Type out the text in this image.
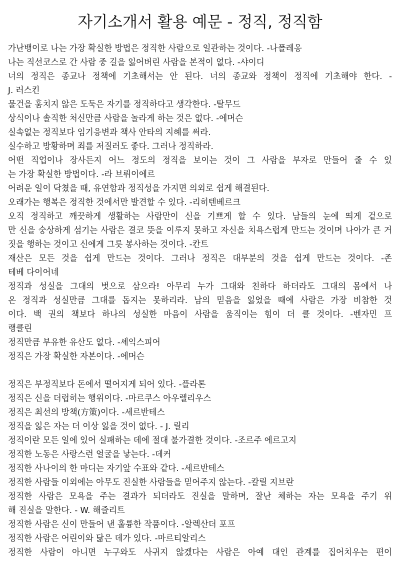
자기소개서 활용 예문 - 정직, 정직함
가난뱅이로 나는 가장 확실한 방법은 정직한 사람으로 일관하는 것이다. -나폴레옹
나는 직선코스로 간 사람 중 길을 잃어버린 사람을 본적이 없다. -샤이디
너의 정직은 종교나 정책에 기초해서는 안 된다. 너의 종교와 정책이 정직에 기초해야 한다. -
J. 러스킨
물건을 훔치지 않은 도둑은 자기를 정직하다고 생각한다. -탈무드
상식이나 솔직한 처신만큼 사람을 놀라게 하는 것은 없다. -에머슨
실속없는 정직보다 임기응변과 책사 안타의 지혜를 써라.
실수하고 방황하며 죄를 저질러도 좋다. 그러나 정직하라.
어떤 직업이나 장사든지 어느 정도의 정직을 보이는 것이 그 사람을 부자로 만들어 줄 수 있
는 가장 확실한 방법이다. -라 브뤼이에르
어려운 일이 닥쳤을 때, 유연함과 정직성을 가지면 의외로 쉽게 해결된다.
오래가는 행복은 정직한 것에서만 발견할 수 있다. -리히텐베르크
오직 정직하고 깨끗하게 생활하는 사람만이 신을 기쁘게 할 수 있다. 남들의 눈에 띄게 겉으로
만 신을 숭상하게 섬기는 사람은 결코 뜻을 이루지 못하고 자신을 치욕스럽게 만드는 것이며 나아가 큰 거
짓을 행하는 것이고 신에게 그릇 봉사하는 것이다. -칸트
재산은 모든 것을 쉽게 만드는 것이다. 그러나 정직은 대부분의 것을 쉽게 만드는 것이다. -존
테베 다이어네
정직과 성실을 그대의 벗으로 삼으라! 아무리 누가 그대와 친하다 하더라도 그대의 몸에서 나
온 정직과 성실만큼 그대를 돕지는 못하리라. 남의 믿음을 잃었을 때에 사람은 가장 비참한 것
이다. 백 권의 책보다 하나의 성실한 마음이 사람을 움직이는 힘이 더 클 것이다. -벤자민 프
랭클린
정직만큼 부유한 유산도 없다. -셰익스피어
정직은 가장 확실한 자본이다. -에머슨
정직은 부정직보다 돈에서 떨어지게 되어 있다. -플라톤
정직은 신을 더럽히는 행위이다. -마르쿠스 아우렐리우스
정직은 최선의 방책(方策)이다. -세르반테스
정직을 잃은 자는 더 이상 잃을 것이 없다. - J. 릴리
정직이란 모든 일에 있어 실패하는 데에 절대 불가결한 것이다. -조르주 에르고지
정직한 노동은 사랑스런 얼굴을 낳는다. -데커
정직한 사나이의 한 마디는 자기앞 수표와 같다. -세르반테스
정직한 사람들 이외에는 아무도 진실한 사람들을 믿어주지 않는다. -칼릴 지브란
정직한 사람은 모욕을 주는 결과가 되더라도 진실을 말하며, 잘난 체하는 자는 모욕을 주기 위
해 진실을 말한다. - W. 해즐리트
정직한 사람은 신이 만들어 낸 훌륭한 작품이다. -알렉산더 포프
정직한 사람은 어린이와 닮은 데가 있다. -마르티알리스
정직한 사람이 아니면 누구와도 사귀지 않겠다는 사람은 아예 대인 관계를 집어치우는 편이
